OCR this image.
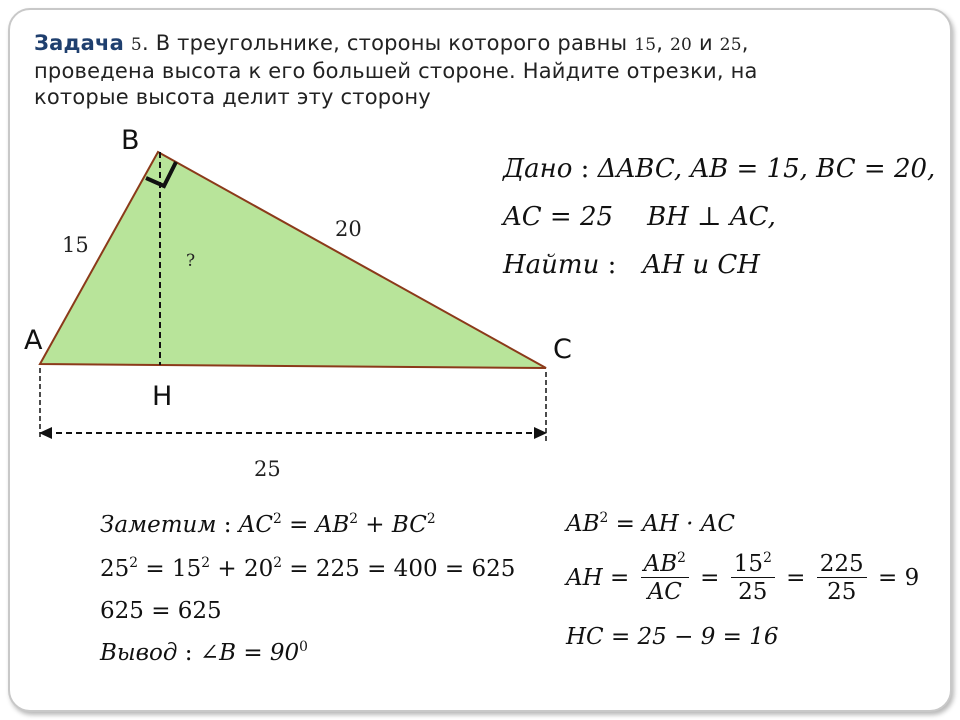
Задача 5. В треугольнике, стороны которого равны 15, 20 и 25,
проведена высота к его большей стороне. Найдите отрезки, на
которые высота делит эту сторону
B
A	C
H
15
20
25
?
Дано : ΔABC, AB = 15, BC = 20,
AC = 25 BH ⊥ AC,
Найти : AH и CH
Заметим : $AC^2 = AB^2 + BC^2$
$25^2 = 15^2 + 20^2 = 225 = 400 = 625$
625 = 625
Вывод : ∠B = $90^0$
$AB^2$ = AH · AC
AH = $\frac{AB^2}{AC} = \frac{15^2}{25} = \frac{225}{25} = 9$
HC = 25 − 9 = 16
